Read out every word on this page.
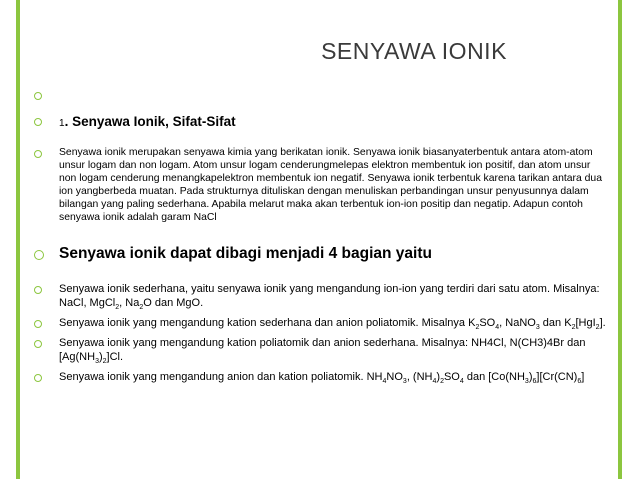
SENYAWA IONIK
1. Senyawa Ionik, Sifat-Sifat
Senyawa ionik merupakan senyawa kimia yang berikatan ionik. Senyawa ionik biasanyaterbentuk antara atom-atom unsur logam dan non logam. Atom unsur logam cenderungmelepas elektron membentuk ion positif, dan atom unsur non logam cenderung menangkapelektron membentuk ion negatif. Senyawa ionik terbentuk karena tarikan antara dua ion yangberbeda muatan. Pada strukturnya dituliskan dengan menuliskan perbandingan unsur penyusunnya dalam bilangan yang paling sederhana. Apabila melarut maka akan terbentuk ion-ion positip dan negatip. Adapun contoh senyawa ionik adalah garam NaCl
Senyawa ionik dapat dibagi menjadi 4 bagian yaitu
Senyawa ionik sederhana, yaitu senyawa ionik yang mengandung ion-ion yang terdiri dari satu atom. Misalnya: NaCl, MgCl$_2$, $Na_2O$ dan MgO.
Senyawa ionik yang mengandung kation sederhana dan anion poliatomik. Misalnya $K_2SO_4$, NaNO$_3$ dan $K_2[HgI_2]$.
Senyawa ionik yang mengandung kation poliatomik dan anion sederhana. Misalnya: NH4Cl, N(CH3)4Br dan $[Ag(NH_3)_2]Cl$.
Senyawa ionik yang mengandung anion dan kation poliatomik. $NH_4NO_3$, $(NH_4)_2SO_4$ dan $[Co(NH_3)_6][Cr(CN)_6]$
